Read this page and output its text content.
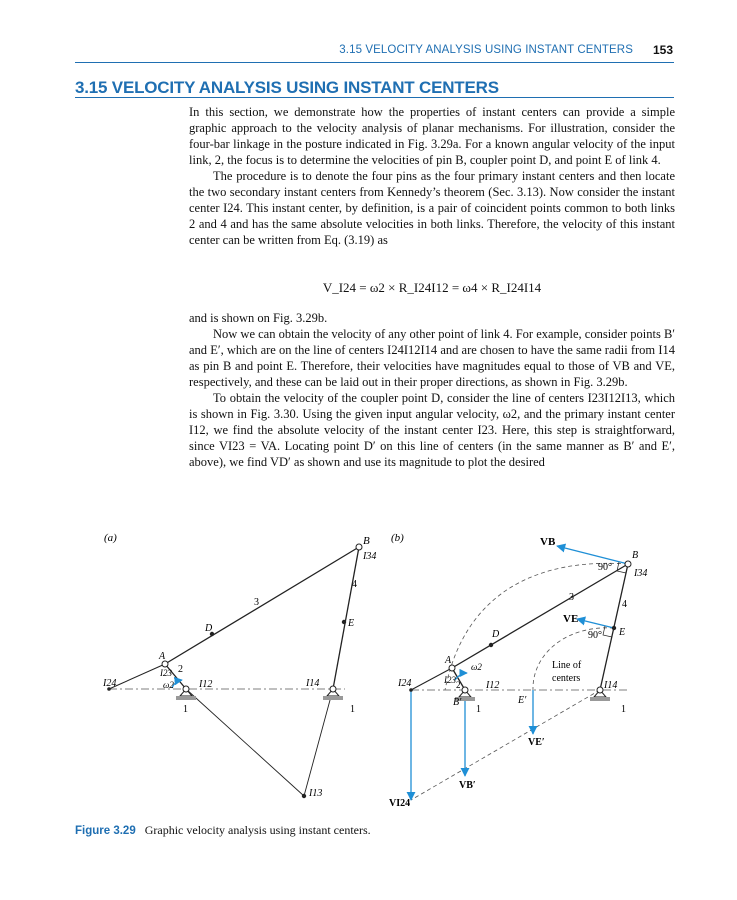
3.15 VELOCITY ANALYSIS USING INSTANT CENTERS 153
3.15 VELOCITY ANALYSIS USING INSTANT CENTERS

In this section, we demonstrate how the properties of instant centers can provide a simple graphic approach to the velocity analysis of planar mechanisms. For illustration, consider the four-bar linkage in the posture indicated in Fig. 3.29a. For a known angular velocity of the input link, 2, the focus is to determine the velocities of pin B, coupler point D, and point E of link 4.

The procedure is to denote the four pins as the four primary instant centers and then locate the two secondary instant centers from Kennedy’s theorem (Sec. 3.13). Now consider the instant center I24. This instant center, by definition, is a pair of coincident points common to both links 2 and 4 and has the same absolute velocities in both links. Therefore, the velocity of this instant center can be written from Eq. (3.19) as

V_I24 = ω2 × R_I24I12 = ω4 × R_I24I14

and is shown on Fig. 3.29b.

Now we can obtain the velocity of any other point of link 4. For example, consider points B′ and E′, which are on the line of centers I24I12I14 and are chosen to have the same radii from I14 as pin B and point E. Therefore, their velocities have magnitudes equal to those of VB and VE, respectively, and these can be laid out in their proper directions, as shown in Fig. 3.29b.

To obtain the velocity of the coupler point D, consider the line of centers I23I12I13, which is shown in Fig. 3.30. Using the given input angular velocity, ω2, and the primary instant center I12, we find the absolute velocity of the instant center I23. Here, this step is straightforward, since VI23 = VA. Locating point D′ on this line of centers (in the same manner as B′ and E′, above), we find VD′ as shown and use its magnitude to plot the desired

(a)	B
I34
4
3
D	E
A
2
I23
ω2	I12
I24	I14
1	1
I13
(b)	VB
B
I34
90°
3
4
VE
90° E
D
A
ω2	Line of
centers
I24	I23 2	I12	I14
B′
1
E′
1
VE′
VB′
VI24
Figure 3.29 Graphic velocity analysis using instant centers.
